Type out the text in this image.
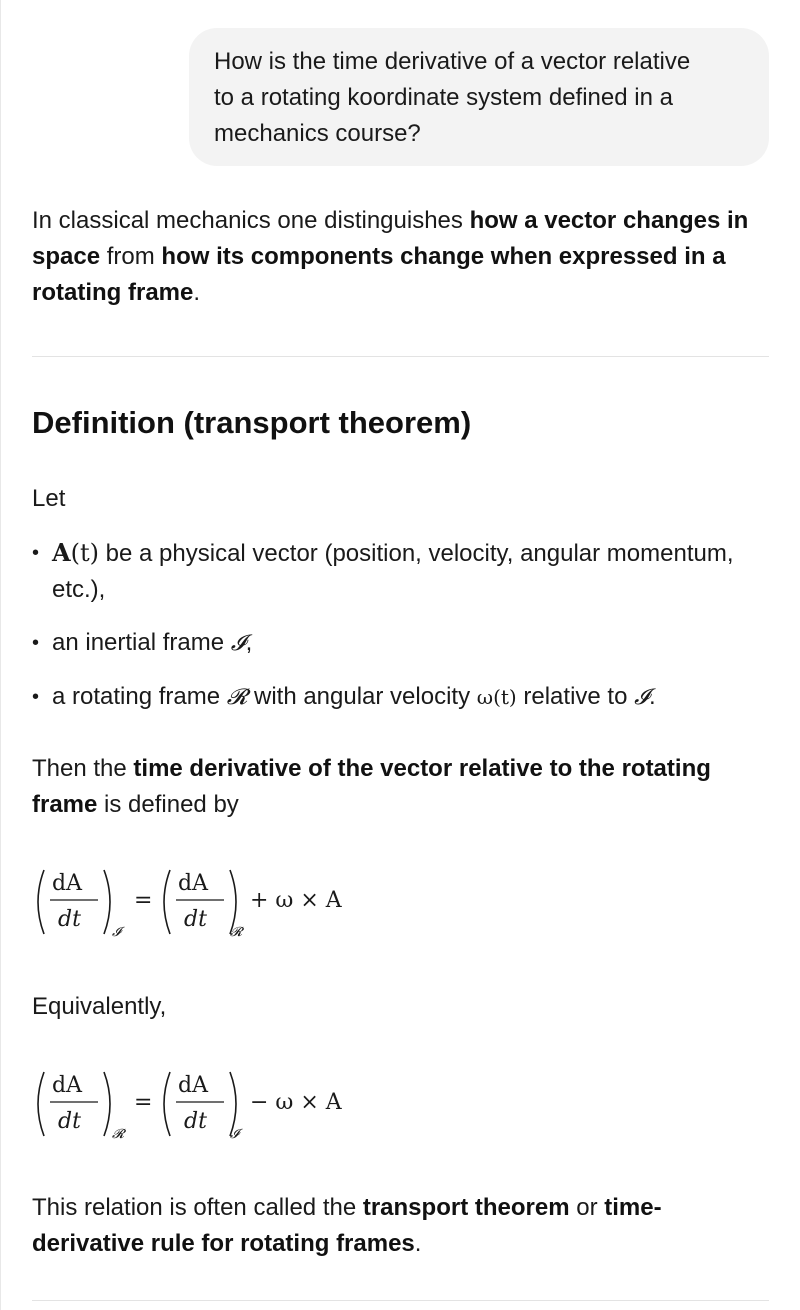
How is the time derivative of a vector relative
to a rotating koordinate system defined in a
mechanics course?

In classical mechanics one distinguishes how a vector changes in space from how its components change when expressed in a rotating frame.

Definition (transport theorem)

Let

• A(t) be a physical vector (position, velocity, angular momentum, etc.),
• an inertial frame 𝓘,
• a rotating frame 𝓡 with angular velocity ω(t) relative to 𝓘.

Then the time derivative of the vector relative to the rotating frame is defined by

dA
dt
𝓘
=
dA
dt
𝓡
+ ω × A

Equivalently,

dA
dt
𝓡
=
dA
dt
𝓘
− ω × A

This relation is often called the transport theorem or time-derivative rule for rotating frames.
